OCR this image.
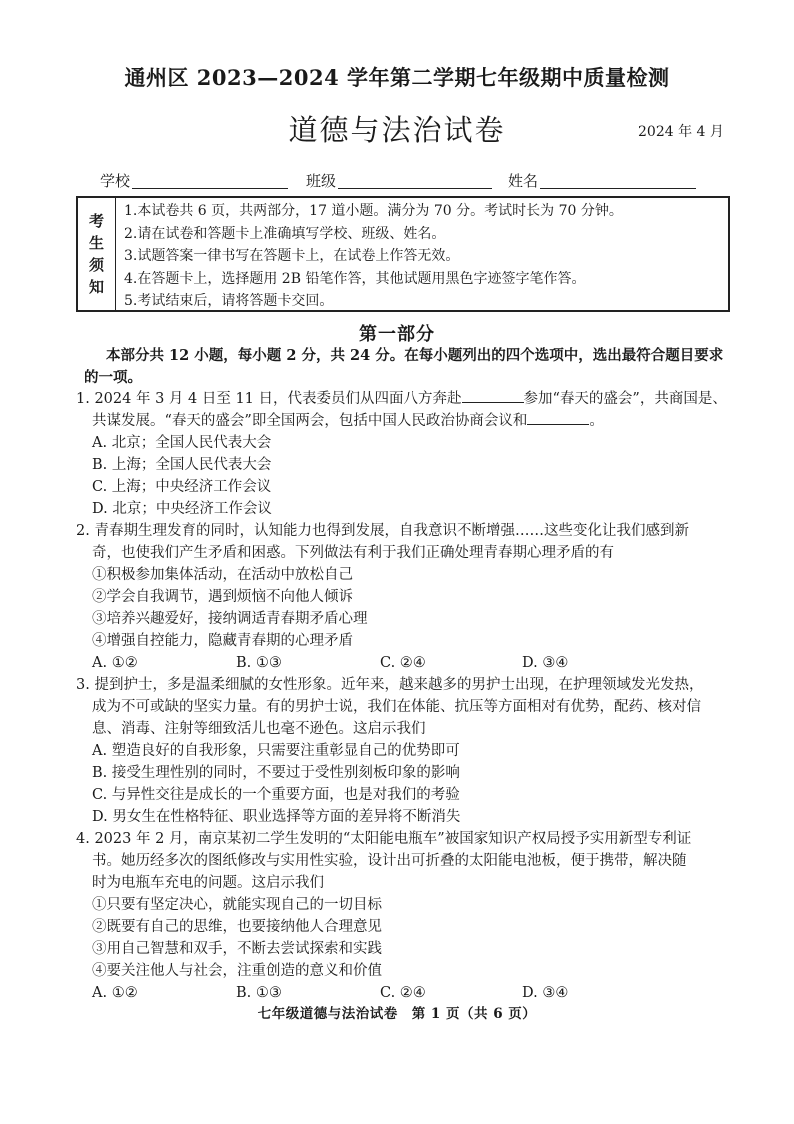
通州区 2023—2024 学年第二学期七年级期中质量检测
道德与法治试卷	2024 年 4 月
学校	班级	姓名
考
生
须
知
1.本试卷共 6 页，共两部分，17 道小题。满分为 70 分。考试时长为 70 分钟。
2.请在试卷和答题卡上准确填写学校、班级、姓名。
3.试题答案一律书写在答题卡上，在试卷上作答无效。
4.在答题卡上，选择题用 2B 铅笔作答，其他试题用黑色字迹签字笔作答。
5.考试结束后，请将答题卡交回。
第一部分
本部分共 12 小题，每小题 2 分，共 24 分。在每小题列出的四个选项中，选出最符合题目要求的一项。
1. 2024 年 3 月 4 日至 11 日，代表委员们从四面八方奔赴	参加“春天的盛会”，共商国是、
共谋发展。“春天的盛会”即全国两会，包括中国人民政治协商会议和	。
A. 北京；全国人民代表大会
B. 上海；全国人民代表大会
C. 上海；中央经济工作会议
D. 北京；中央经济工作会议
2. 青春期生理发育的同时，认知能力也得到发展，自我意识不断增强……这些变化让我们感到新
奇，也使我们产生矛盾和困惑。下列做法有利于我们正确处理青春期心理矛盾的有
①积极参加集体活动，在活动中放松自己
②学会自我调节，遇到烦恼不向他人倾诉
③培养兴趣爱好，接纳调适青春期矛盾心理
④增强自控能力，隐藏青春期的心理矛盾
A. ①②	B. ①③	C. ②④	D. ③④
3. 提到护士，多是温柔细腻的女性形象。近年来，越来越多的男护士出现，在护理领域发光发热，
成为不可或缺的坚实力量。有的男护士说，我们在体能、抗压等方面相对有优势，配药、核对信
息、消毒、注射等细致活儿也毫不逊色。这启示我们
A. 塑造良好的自我形象，只需要注重彰显自己的优势即可
B. 接受生理性别的同时，不要过于受性别刻板印象的影响
C. 与异性交往是成长的一个重要方面，也是对我们的考验
D. 男女生在性格特征、职业选择等方面的差异将不断消失
4. 2023 年 2 月，南京某初二学生发明的“太阳能电瓶车”被国家知识产权局授予实用新型专利证
书。她历经多次的图纸修改与实用性实验，设计出可折叠的太阳能电池板，便于携带，解决随
时为电瓶车充电的问题。这启示我们
①只要有坚定决心，就能实现自己的一切目标
②既要有自己的思维，也要接纳他人合理意见
③用自己智慧和双手，不断去尝试探索和实践
④要关注他人与社会，注重创造的意义和价值
A. ①②	B. ①③	C. ②④	D. ③④
七年级道德与法治试卷　第 1 页（共 6 页）
